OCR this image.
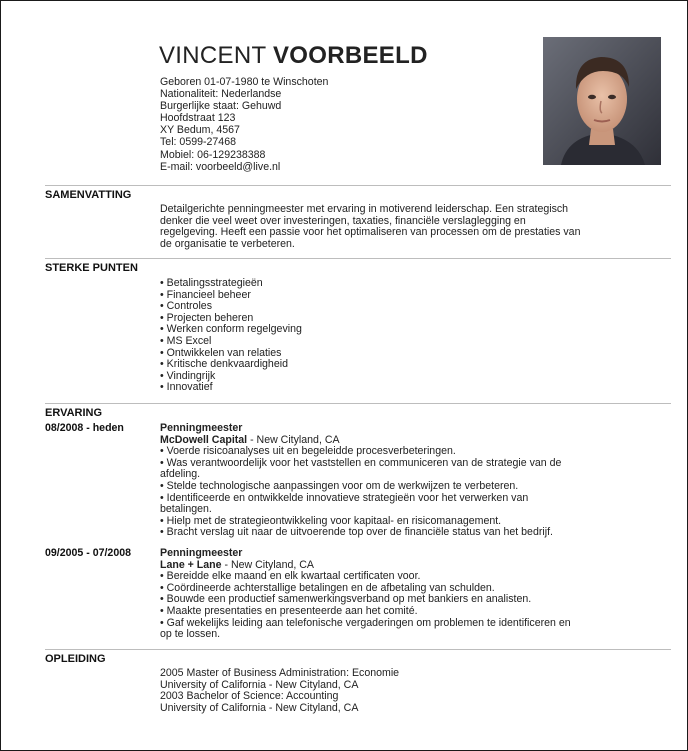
VINCENT VOORBEELD
Geboren 01-07-1980 te Winschoten
Nationaliteit: Nederlandse
Burgerlijke staat: Gehuwd
Hoofdstraat 123
XY Bedum, 4567
Tel: 0599-27468
Mobiel: 06-129238388
E-mail: voorbeeld@live.nl
SAMENVATTING
Detailgerichte penningmeester met ervaring in motiverend leiderschap. Een strategisch
denker die veel weet over investeringen, taxaties, financiële verslaglegging en
regelgeving. Heeft een passie voor het optimaliseren van processen om de prestaties van
de organisatie te verbeteren.
STERKE PUNTEN
• Betalingsstrategieën
• Financieel beheer
• Controles
• Projecten beheren
• Werken conform regelgeving
• MS Excel
• Ontwikkelen van relaties
• Kritische denkvaardigheid
• Vindingrijk
• Innovatief
ERVARING
08/2008 - heden	Penningmeester
McDowell Capital - New Cityland, CA
• Voerde risicoanalyses uit en begeleidde procesverbeteringen.
• Was verantwoordelijk voor het vaststellen en communiceren van de strategie van de
afdeling.
• Stelde technologische aanpassingen voor om de werkwijzen te verbeteren.
• Identificeerde en ontwikkelde innovatieve strategieën voor het verwerken van
betalingen.
• Hielp met de strategieontwikkeling voor kapitaal- en risicomanagement.
• Bracht verslag uit naar de uitvoerende top over de financiële status van het bedrijf.
09/2005 - 07/2008	Penningmeester
Lane + Lane - New Cityland, CA
• Bereidde elke maand en elk kwartaal certificaten voor.
• Coördineerde achterstallige betalingen en de afbetaling van schulden.
• Bouwde een productief samenwerkingsverband op met bankiers en analisten.
• Maakte presentaties en presenteerde aan het comité.
• Gaf wekelijks leiding aan telefonische vergaderingen om problemen te identificeren en
op te lossen.
OPLEIDING
2005 Master of Business Administration: Economie
University of California - New Cityland, CA
2003 Bachelor of Science: Accounting
University of California - New Cityland, CA
